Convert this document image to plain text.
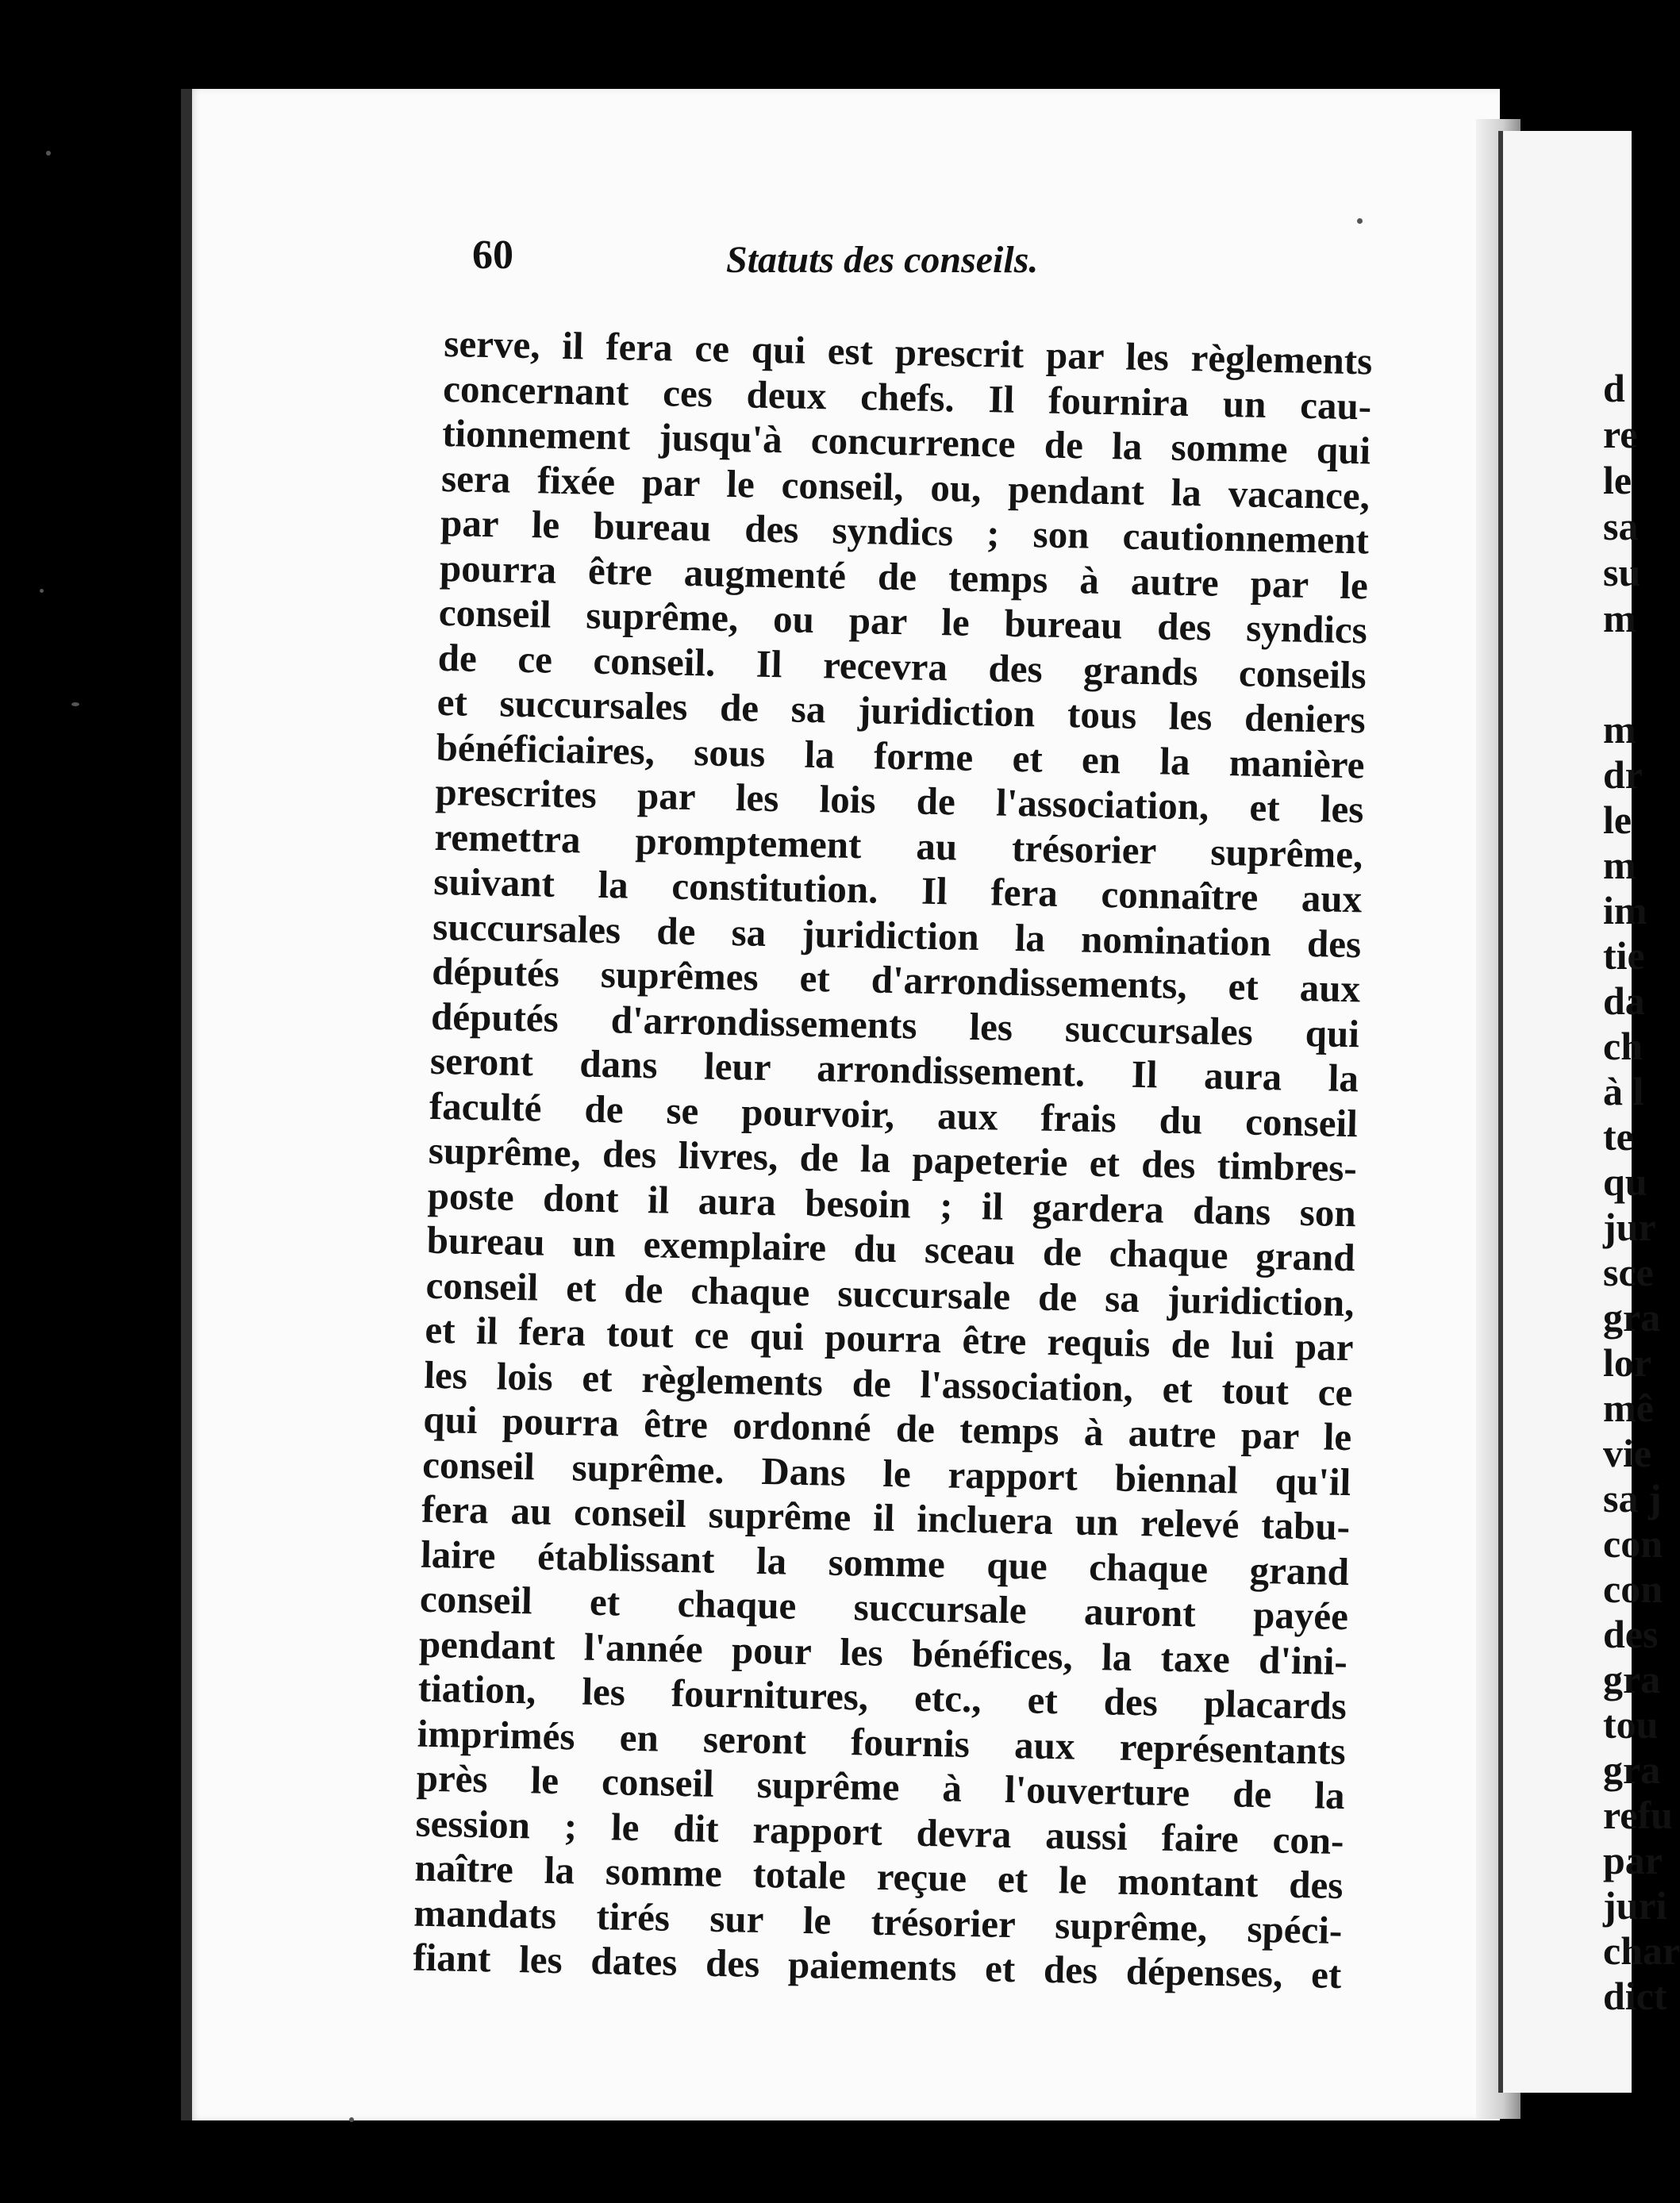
60	Statuts des conseils.
serve, il fera ce qui est prescrit par les règlements
concernant ces deux chefs. Il fournira un cau-
tionnement jusqu'à concurrence de la somme qui
sera fixée par le conseil, ou, pendant la vacance,
par le bureau des syndics ; son cautionnement
pourra être augmenté de temps à autre par le
conseil suprême, ou par le bureau des syndics
de ce conseil. Il recevra des grands conseils
et succursales de sa juridiction tous les deniers
bénéficiaires, sous la forme et en la manière
prescrites par les lois de l'association, et les
remettra promptement au trésorier suprême,
suivant la constitution. Il fera connaître aux
succursales de sa juridiction la nomination des
députés suprêmes et d'arrondissements, et aux
députés d'arrondissements les succursales qui
seront dans leur arrondissement. Il aura la
faculté de se pourvoir, aux frais du conseil
suprême, des livres, de la papeterie et des timbres-
poste dont il aura besoin ; il gardera dans son
bureau un exemplaire du sceau de chaque grand
conseil et de chaque succursale de sa juridiction,
et il fera tout ce qui pourra être requis de lui par
les lois et règlements de l'association, et tout ce
qui pourra être ordonné de temps à autre par le
conseil suprême. Dans le rapport biennal qu'il
fera au conseil suprême il incluera un relevé tabu-
laire établissant la somme que chaque grand
conseil et chaque succursale auront payée
pendant l'année pour les bénéfices, la taxe d'ini-
tiation, les fournitures, etc., et des placards
imprimés en seront fournis aux représentants
près le conseil suprême à l'ouverture de la
session ; le dit rapport devra aussi faire con-
naître la somme totale reçue et le montant des
mandats tirés sur le trésorier suprême, spéci-
fiant les dates des paiements et des dépenses, et
d
re
le
sa
su
m
m
dr
le
m
im
tie
da
ch
à l
te
qu
jur
sce
gra
lor
mê
vie
sa j
con
con
des
gra
tou
gra
refu
par
juri
char
dict
